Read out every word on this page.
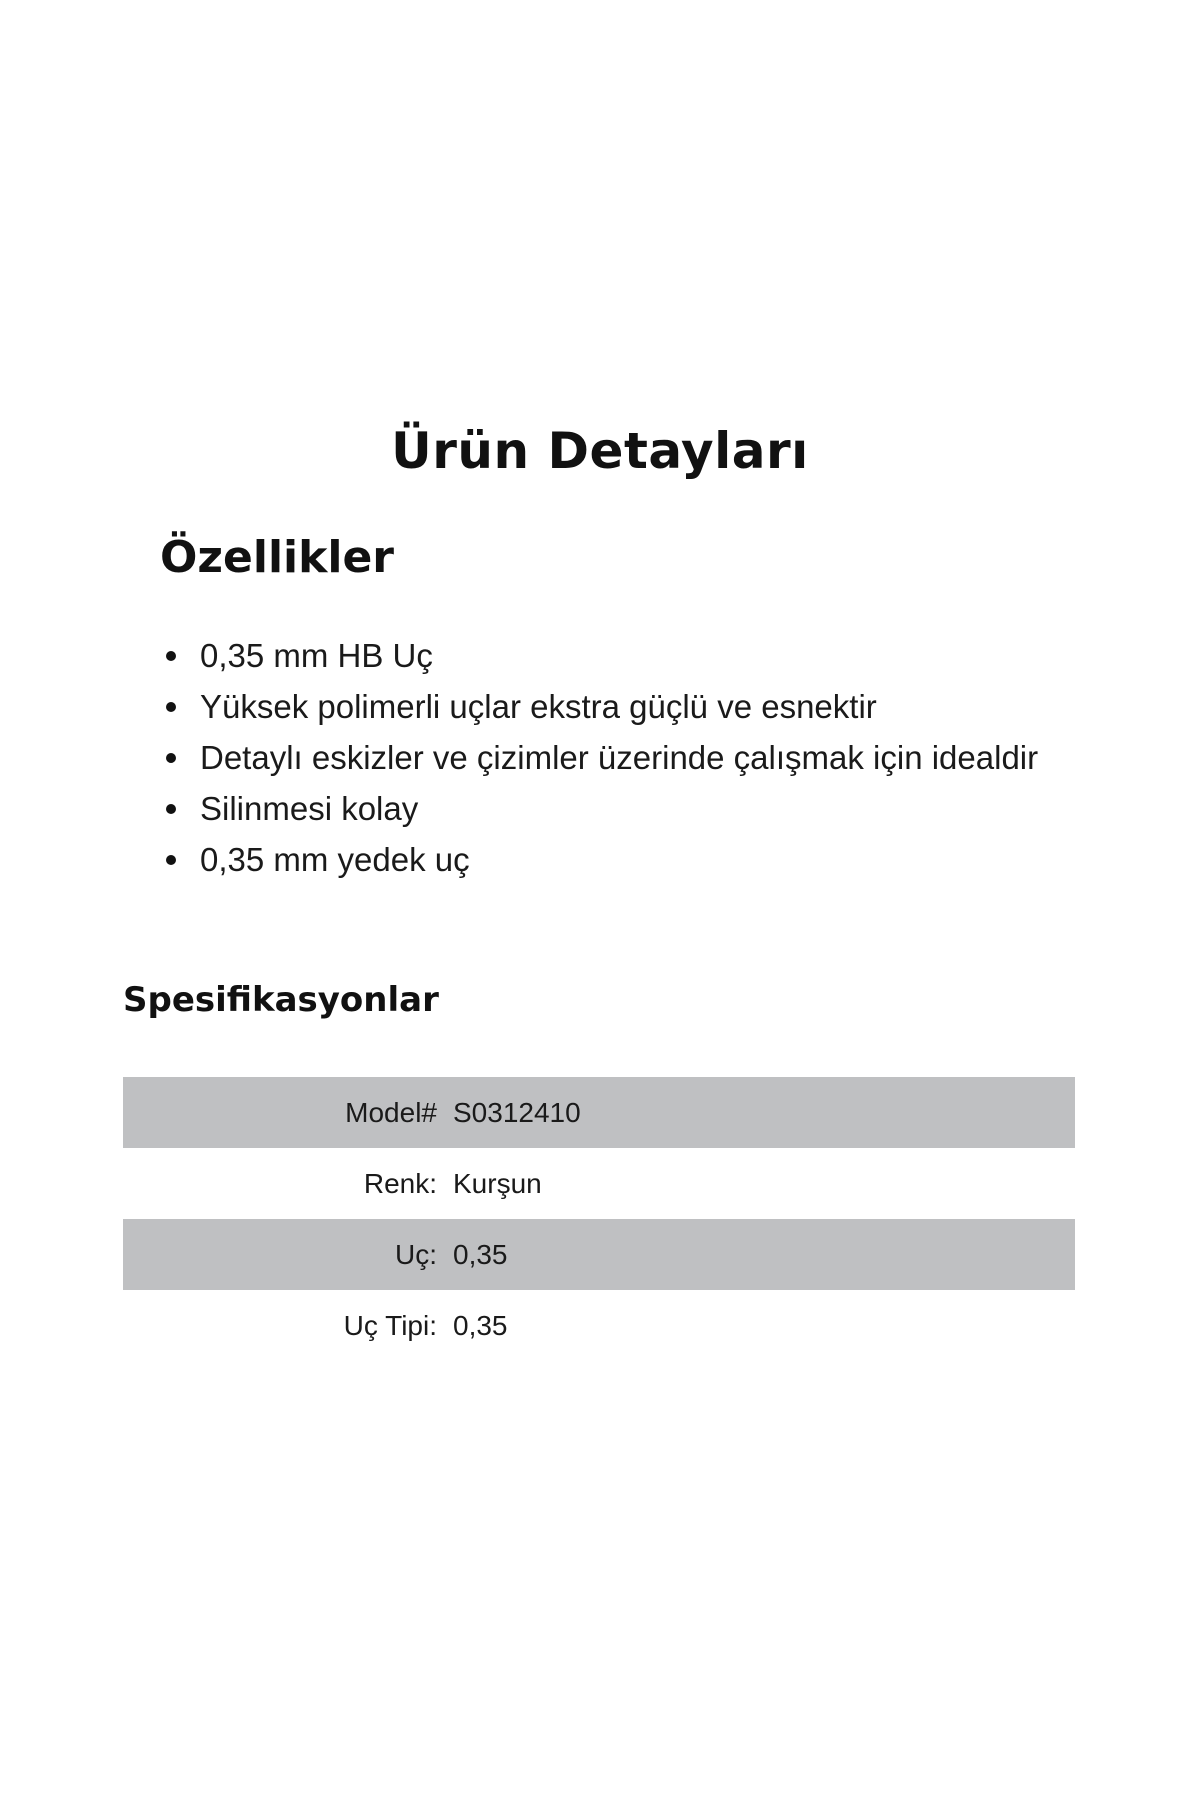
Ürün Detayları
Özellikler
0,35 mm HB Uç
Yüksek polimerli uçlar ekstra güçlü ve esnektir
Detaylı eskizler ve çizimler üzerinde çalışmak için idealdir
Silinmesi kolay
0,35 mm yedek uç
Spesifikasyonlar
Model# S0312410
Renk: Kurşun
Uç: 0,35
Uç Tipi: 0,35
